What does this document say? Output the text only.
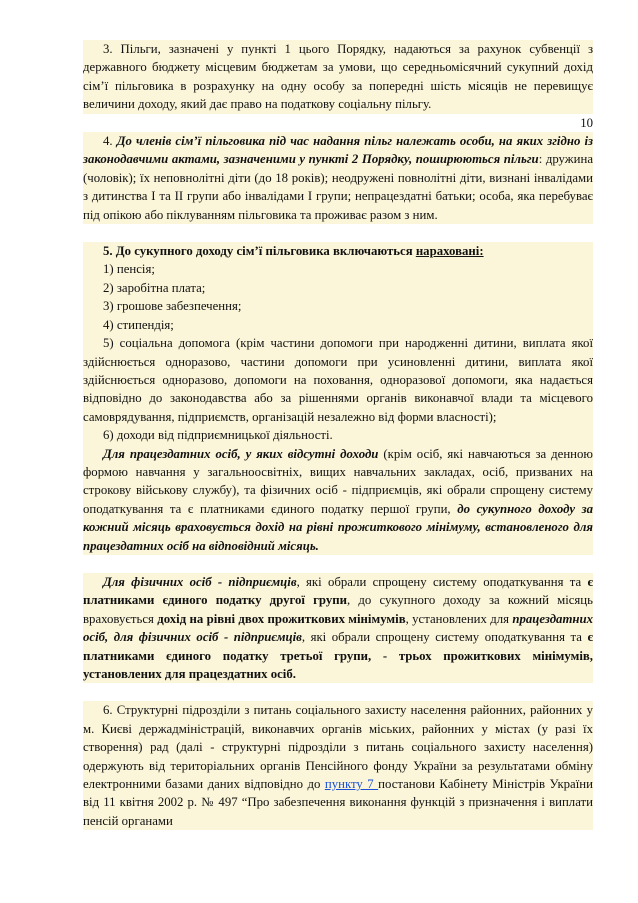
3. Пільги, зазначені у пункті 1 цього Порядку, надаються за рахунок субвенції з державного бюджету місцевим бюджетам за умови, що середньомісячний сукупний дохід сім’ї пільговика в розрахунку на одну особу за попередні шість місяців не перевищує величини доходу, який дає право на податкову соціальну пільгу.

10

4. До членів сім’ї пільговика під час надання пільг належать особи, на яких згідно із законодавчими актами, зазначеними у пункті 2 Порядку, поширюються пільги: дружина (чоловік); їх неповнолітні діти (до 18 років); неодружені повнолітні діти, визнані інвалідами з дитинства I та II групи або інвалідами I групи; непрацездатні батьки; особа, яка перебуває під опікою або піклуванням пільговика та проживає разом з ним.

5. До сукупного доходу сім’ї пільговика включаються нараховані:

1) пенсія;

2) заробітна плата;

3) грошове забезпечення;

4) стипендія;

5) соціальна допомога (крім частини допомоги при народженні дитини, виплата якої здійснюється одноразово, частини допомоги при усиновленні дитини, виплата якої здійснюється одноразово, допомоги на поховання, одноразової допомоги, яка надається відповідно до законодавства або за рішеннями органів виконавчої влади та місцевого самоврядування, підприємств, організацій незалежно від форми власності);

6) доходи від підприємницької діяльності.

Для працездатних осіб, у яких відсутні доходи (крім осіб, які навчаються за денною формою навчання у загальноосвітніх, вищих навчальних закладах, осіб, призваних на строкову військову службу), та фізичних осіб - підприємців, які обрали спрощену систему оподаткування та є платниками єдиного податку першої групи, до сукупного доходу за кожний місяць враховується дохід на рівні прожиткового мінімуму, встановленого для працездатних осіб на відповідний місяць.

Для фізичних осіб - підприємців, які обрали спрощену систему оподаткування та є платниками єдиного податку другої групи, до сукупного доходу за кожний місяць враховується дохід на рівні двох прожиткових мінімумів, установлених для працездатних осіб, для фізичних осіб - підприємців, які обрали спрощену систему оподаткування та є платниками єдиного податку третьої групи, - трьох прожиткових мінімумів, установлених для працездатних осіб.

6. Структурні підрозділи з питань соціального захисту населення районних, районних у м. Києві держадміністрацій, виконавчих органів міських, районних у містах (у разі їх створення) рад (далі - структурні підрозділи з питань соціального захисту населення) одержують від територіальних органів Пенсійного фонду України за результатами обміну електронними базами даних відповідно до пункту 7 постанови Кабінету Міністрів України від 11 квітня 2002 р. № 497 “Про забезпечення виконання функцій з призначення і виплати пенсій органами
